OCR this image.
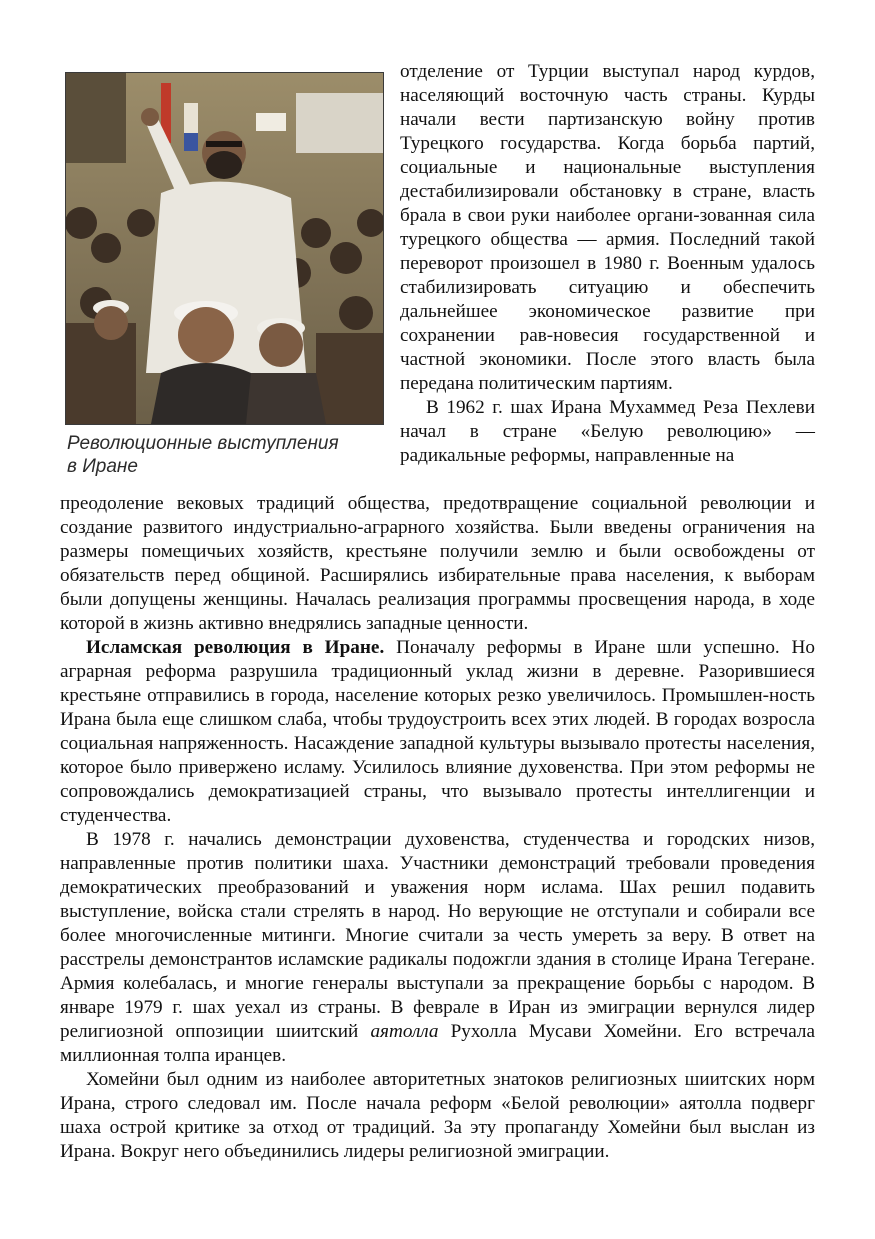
Революционные выступления
в Иране

отделение от Турции выступал народ курдов, населяющий восточную часть страны. Курды начали вести партизанскую войну против Турецкого государства. Когда борьба партий, социальные и национальные выступления дестабилизировали обстановку в стране, власть брала в свои руки наиболее органи-зованная сила турецкого общества — армия. Последний такой переворот произошел в 1980 г. Военным удалось стабилизировать ситуацию и обеспечить дальнейшее экономическое развитие при сохранении рав-новесия государственной и частной экономики. После этого власть была передана политическим партиям.

В 1962 г. шах Ирана Мухаммед Реза Пехлеви начал в стране «Белую революцию» — радикальные реформы, направленные на

преодоление вековых традиций общества, предотвращение социальной революции и создание развитого индустриально-аграрного хозяйства. Были введены ограничения на размеры помещичьих хозяйств, крестьяне получили землю и были освобождены от обязательств перед общиной. Расширялись избирательные права населения, к выборам были допущены женщины. Началась реализация программы просвещения народа, в ходе которой в жизнь активно внедрялись западные ценности.

Исламская революция в Иране. Поначалу реформы в Иране шли успешно. Но аграрная реформа разрушила традиционный уклад жизни в деревне. Разорившиеся крестьяне отправились в города, население которых резко увеличилось. Промышлен-ность Ирана была еще слишком слаба, чтобы трудоустроить всех этих людей. В городах возросла социальная напряженность. Насаждение западной культуры вызывало протесты населения, которое было привержено исламу. Усилилось влияние духовенства. При этом реформы не сопровождались демократизацией страны, что вызывало протесты интеллигенции и студенчества.

В 1978 г. начались демонстрации духовенства, студенчества и городских низов, направленные против политики шаха. Участники демонстраций требовали проведения демократических преобразований и уважения норм ислама. Шах решил подавить выступление, войска стали стрелять в народ. Но верующие не отступали и собирали все более многочисленные митинги. Многие считали за честь умереть за веру. В ответ на расстрелы демонстрантов исламские радикалы подожгли здания в столице Ирана Тегеране. Армия колебалась, и многие генералы выступали за прекращение борьбы с народом. В январе 1979 г. шах уехал из страны. В феврале в Иран из эмиграции вернулся лидер религиозной оппозиции шиитский аятолла Рухолла Мусави Хомейни. Его встречала миллионная толпа иранцев.

Хомейни был одним из наиболее авторитетных знатоков религиозных шиитских норм Ирана, строго следовал им. После начала реформ «Белой революции» аятолла подверг шаха острой критике за отход от традиций. За эту пропаганду Хомейни был выслан из Ирана. Вокруг него объединились лидеры религиозной эмиграции.
